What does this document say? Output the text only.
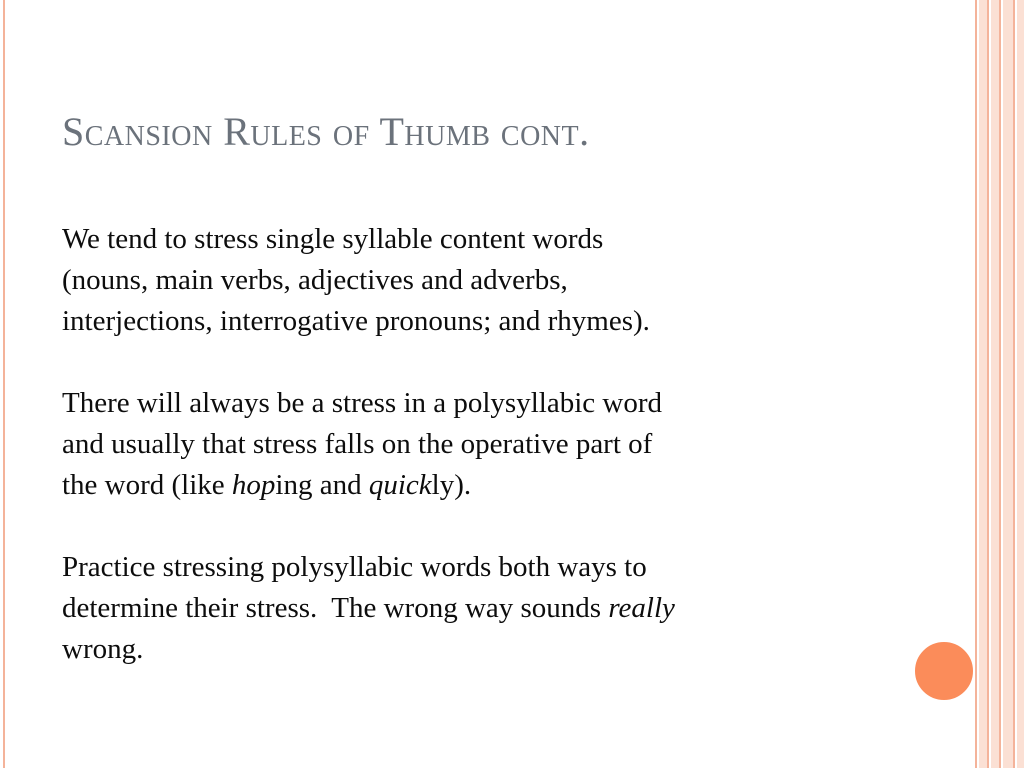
Scansion Rules of Thumb cont.
We tend to stress single syllable content words
(nouns, main verbs, adjectives and adverbs,
interjections, interrogative pronouns; and rhymes).
There will always be a stress in a polysyllabic word
and usually that stress falls on the operative part of
the word (like hoping and quickly).
Practice stressing polysyllabic words both ways to
determine their stress.  The wrong way sounds really
wrong.
